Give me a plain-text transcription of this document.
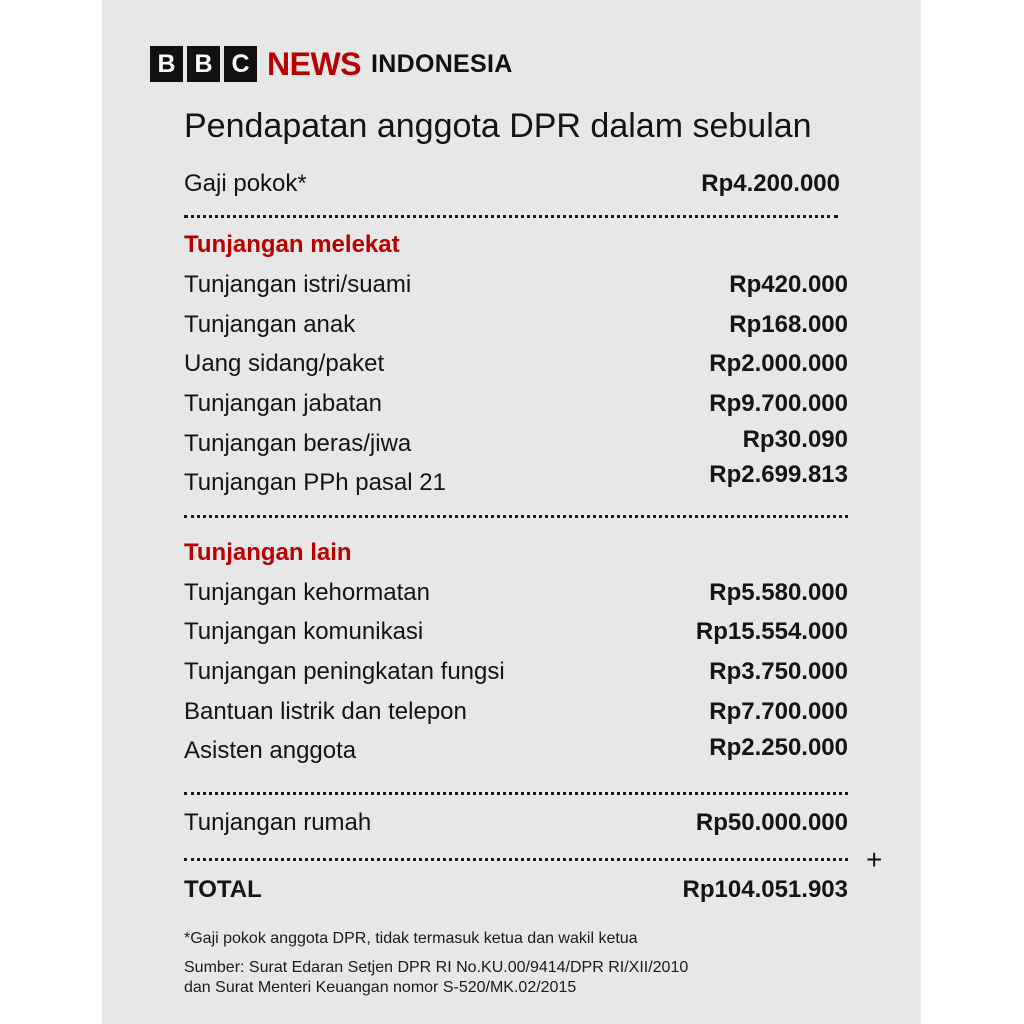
B B C NEWS INDONESIA
Pendapatan anggota DPR dalam sebulan
Gaji pokok*	Rp4.200.000
Tunjangan melekat
Tunjangan istri/suami	Rp420.000
Tunjangan anak	Rp168.000
Uang sidang/paket	Rp2.000.000
Tunjangan jabatan	Rp9.700.000
Tunjangan beras/jiwa	Rp30.090
Tunjangan PPh pasal 21	Rp2.699.813
Tunjangan lain
Tunjangan kehormatan	Rp5.580.000
Tunjangan komunikasi	Rp15.554.000
Tunjangan peningkatan fungsi	Rp3.750.000
Bantuan listrik dan telepon	Rp7.700.000
Asisten anggota	Rp2.250.000
Tunjangan rumah	Rp50.000.000
+
TOTAL	Rp104.051.903
*Gaji pokok anggota DPR, tidak termasuk ketua dan wakil ketua
Sumber: Surat Edaran Setjen DPR RI No.KU.00/9414/DPR RI/XII/2010
dan Surat Menteri Keuangan nomor S-520/MK.02/2015
